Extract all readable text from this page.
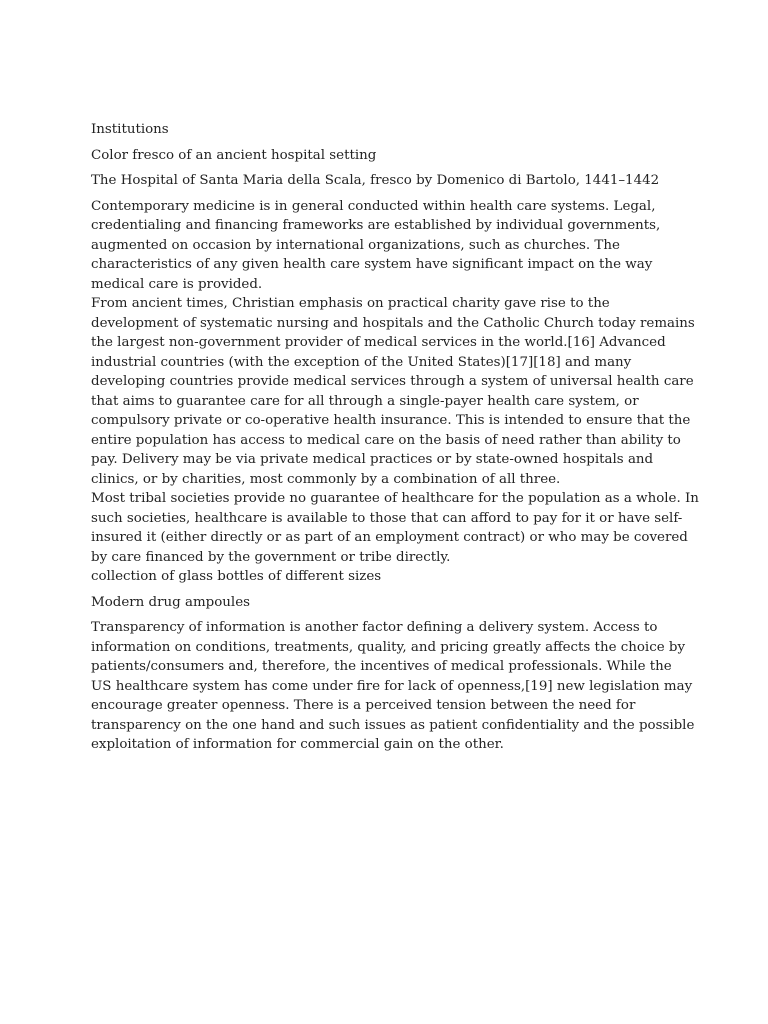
Institutions

Color fresco of an ancient hospital setting

The Hospital of Santa Maria della Scala, fresco by Domenico di Bartolo, 1441–1442

Contemporary medicine is in general conducted within health care systems. Legal,
credentialing and financing frameworks are established by individual governments,
augmented on occasion by international organizations, such as churches. The
characteristics of any given health care system have significant impact on the way
medical care is provided.
From ancient times, Christian emphasis on practical charity gave rise to the
development of systematic nursing and hospitals and the Catholic Church today remains
the largest non-government provider of medical services in the world.[16] Advanced
industrial countries (with the exception of the United States)[17][18] and many
developing countries provide medical services through a system of universal health care
that aims to guarantee care for all through a single-payer health care system, or
compulsory private or co-operative health insurance. This is intended to ensure that the
entire population has access to medical care on the basis of need rather than ability to
pay. Delivery may be via private medical practices or by state-owned hospitals and
clinics, or by charities, most commonly by a combination of all three.
Most tribal societies provide no guarantee of healthcare for the population as a whole. In
such societies, healthcare is available to those that can afford to pay for it or have self-
insured it (either directly or as part of an employment contract) or who may be covered
by care financed by the government or tribe directly.

collection of glass bottles of different sizes

Modern drug ampoules

Transparency of information is another factor defining a delivery system. Access to
information on conditions, treatments, quality, and pricing greatly affects the choice by
patients/consumers and, therefore, the incentives of medical professionals. While the
US healthcare system has come under fire for lack of openness,[19] new legislation may
encourage greater openness. There is a perceived tension between the need for
transparency on the one hand and such issues as patient confidentiality and the possible
exploitation of information for commercial gain on the other.
